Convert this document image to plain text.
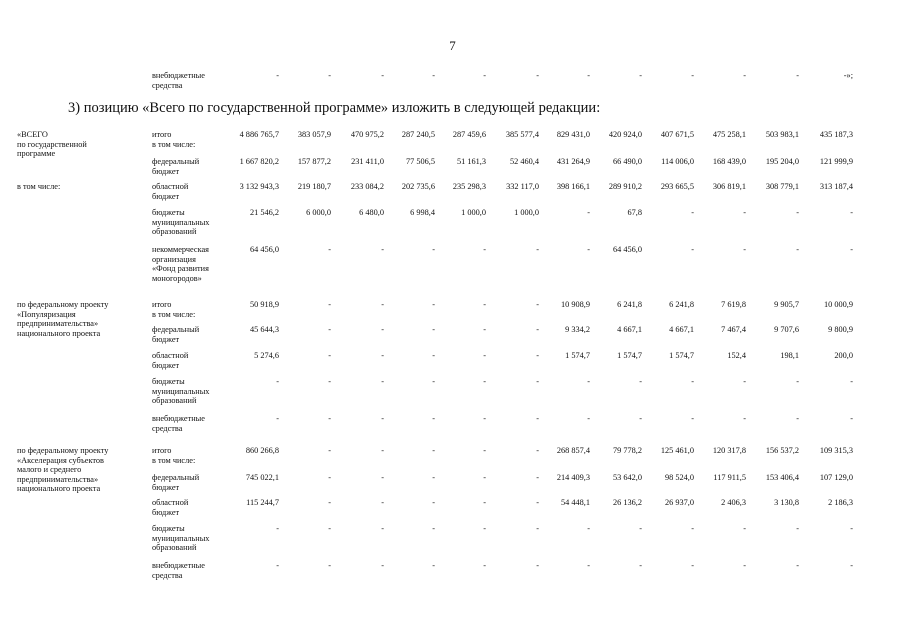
7
внебюджетные
средства
-	-	-	-	-	-	-	-	-	-	-	-»;
3) позицию «Всего по государственной программе» изложить в следующей редакции:
«ВСЕГО
по государственной
программе
итого
в том числе:
4 886 765,7	383 057,9	470 975,2	287 240,5	287 459,6	385 577,4	829 431,0	420 924,0	407 671,5	475 258,1	503 983,1	435 187,3
федеральный
бюджет
1 667 820,2	157 877,2	231 411,0	77 506,5	51 161,3	52 460,4	431 264,9	66 490,0	114 006,0	168 439,0	195 204,0	121 999,9
в том числе:	областной
бюджет
3 132 943,3	219 180,7	233 084,2	202 735,6	235 298,3	332 117,0	398 166,1	289 910,2	293 665,5	306 819,1	308 779,1	313 187,4
бюджеты
муниципальных
образований
21 546,2	6 000,0	6 480,0	6 998,4	1 000,0	1 000,0	-	67,8	-	-	-	-
некоммерческая
организация
«Фонд развития
моногородов»
64 456,0	-	-	-	-	-	-	64 456,0	-	-	-	-
по федеральному проекту
«Популяризация
предпринимательства»
национального проекта
итого
в том числе:
50 918,9	-	-	-	-	-	10 908,9	6 241,8	6 241,8	7 619,8	9 905,7	10 000,9
федеральный
бюджет
45 644,3	-	-	-	-	-	9 334,2	4 667,1	4 667,1	7 467,4	9 707,6	9 800,9
областной
бюджет
5 274,6	-	-	-	-	-	1 574,7	1 574,7	1 574,7	152,4	198,1	200,0
бюджеты
муниципальных
образований
-	-	-	-	-	-	-	-	-	-	-	-
внебюджетные
средства
-	-	-	-	-	-	-	-	-	-	-	-
по федеральному проекту
«Акселерация субъектов
малого и среднего
предпринимательства»
национального проекта
итого
в том числе:
860 266,8	-	-	-	-	-	268 857,4	79 778,2	125 461,0	120 317,8	156 537,2	109 315,3
федеральный
бюджет
745 022,1	-	-	-	-	-	214 409,3	53 642,0	98 524,0	117 911,5	153 406,4	107 129,0
областной
бюджет
115 244,7	-	-	-	-	-	54 448,1	26 136,2	26 937,0	2 406,3	3 130,8	2 186,3
бюджеты
муниципальных
образований
-	-	-	-	-	-	-	-	-	-	-	-
внебюджетные
средства
-	-	-	-	-	-	-	-	-	-	-	-
